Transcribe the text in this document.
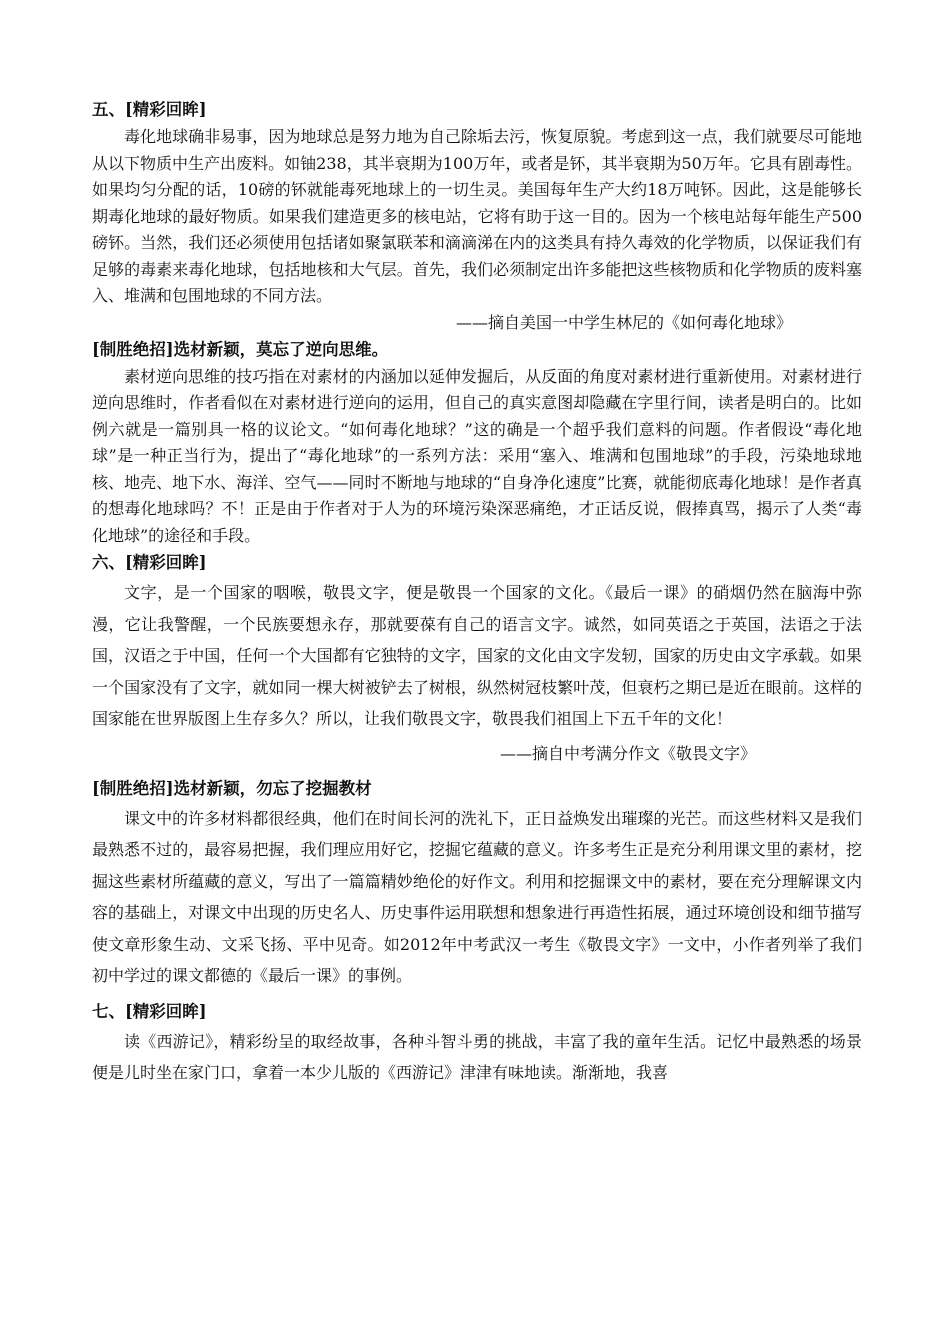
五、[精彩回眸]

毒化地球确非易事，因为地球总是努力地为自己除垢去污，恢复原貌。考虑到这一点，我们就要尽可能地从以下物质中生产出废料。如铀238，其半衰期为100万年，或者是钚，其半衰期为50万年。它具有剧毒性。如果均匀分配的话，10磅的钚就能毒死地球上的一切生灵。美国每年生产大约18万吨钚。因此，这是能够长期毒化地球的最好物质。如果我们建造更多的核电站，它将有助于这一目的。因为一个核电站每年能生产500磅钚。当然，我们还必须使用包括诸如聚氯联苯和滴滴涕在内的这类具有持久毒效的化学物质，以保证我们有足够的毒素来毒化地球，包括地核和大气层。首先，我们必须制定出许多能把这些核物质和化学物质的废料塞入、堆满和包围地球的不同方法。

——摘自美国一中学生林尼的《如何毒化地球》

[制胜绝招]选材新颖，莫忘了逆向思维。

素材逆向思维的技巧指在对素材的内涵加以延伸发掘后，从反面的角度对素材进行重新使用。对素材进行逆向思维时，作者看似在对素材进行逆向的运用，但自己的真实意图却隐藏在字里行间，读者是明白的。比如例六就是一篇别具一格的议论文。“如何毒化地球？”这的确是一个超乎我们意料的问题。作者假设“毒化地球”是一种正当行为，提出了“毒化地球”的一系列方法：采用“塞入、堆满和包围地球”的手段，污染地球地核、地壳、地下水、海洋、空气——同时不断地与地球的“自身净化速度”比赛，就能彻底毒化地球！是作者真的想毒化地球吗？不！正是由于作者对于人为的环境污染深恶痛绝，才正话反说，假捧真骂，揭示了人类“毒化地球”的途径和手段。

六、[精彩回眸]

文字，是一个国家的咽喉，敬畏文字，便是敬畏一个国家的文化。《最后一课》的硝烟仍然在脑海中弥漫，它让我警醒，一个民族要想永存，那就要葆有自己的语言文字。诚然，如同英语之于英国，法语之于法国，汉语之于中国，任何一个大国都有它独特的文字，国家的文化由文字发轫，国家的历史由文字承载。如果一个国家没有了文字，就如同一棵大树被铲去了树根，纵然树冠枝繁叶茂，但衰朽之期已是近在眼前。这样的国家能在世界版图上生存多久？所以，让我们敬畏文字，敬畏我们祖国上下五千年的文化！

——摘自中考满分作文《敬畏文字》

[制胜绝招]选材新颖，勿忘了挖掘教材

课文中的许多材料都很经典，他们在时间长河的洗礼下，正日益焕发出璀璨的光芒。而这些材料又是我们最熟悉不过的，最容易把握，我们理应用好它，挖掘它蕴藏的意义。许多考生正是充分利用课文里的素材，挖掘这些素材所蕴藏的意义，写出了一篇篇精妙绝伦的好作文。利用和挖掘课文中的素材，要在充分理解课文内容的基础上，对课文中出现的历史名人、历史事件运用联想和想象进行再造性拓展，通过环境创设和细节描写使文章形象生动、文采飞扬、平中见奇。如2012年中考武汉一考生《敬畏文字》一文中，小作者列举了我们初中学过的课文都德的《最后一课》的事例。

七、[精彩回眸]

读《西游记》，精彩纷呈的取经故事，各种斗智斗勇的挑战，丰富了我的童年生活。记忆中最熟悉的场景便是儿时坐在家门口，拿着一本少儿版的《西游记》津津有味地读。渐渐地，我喜
